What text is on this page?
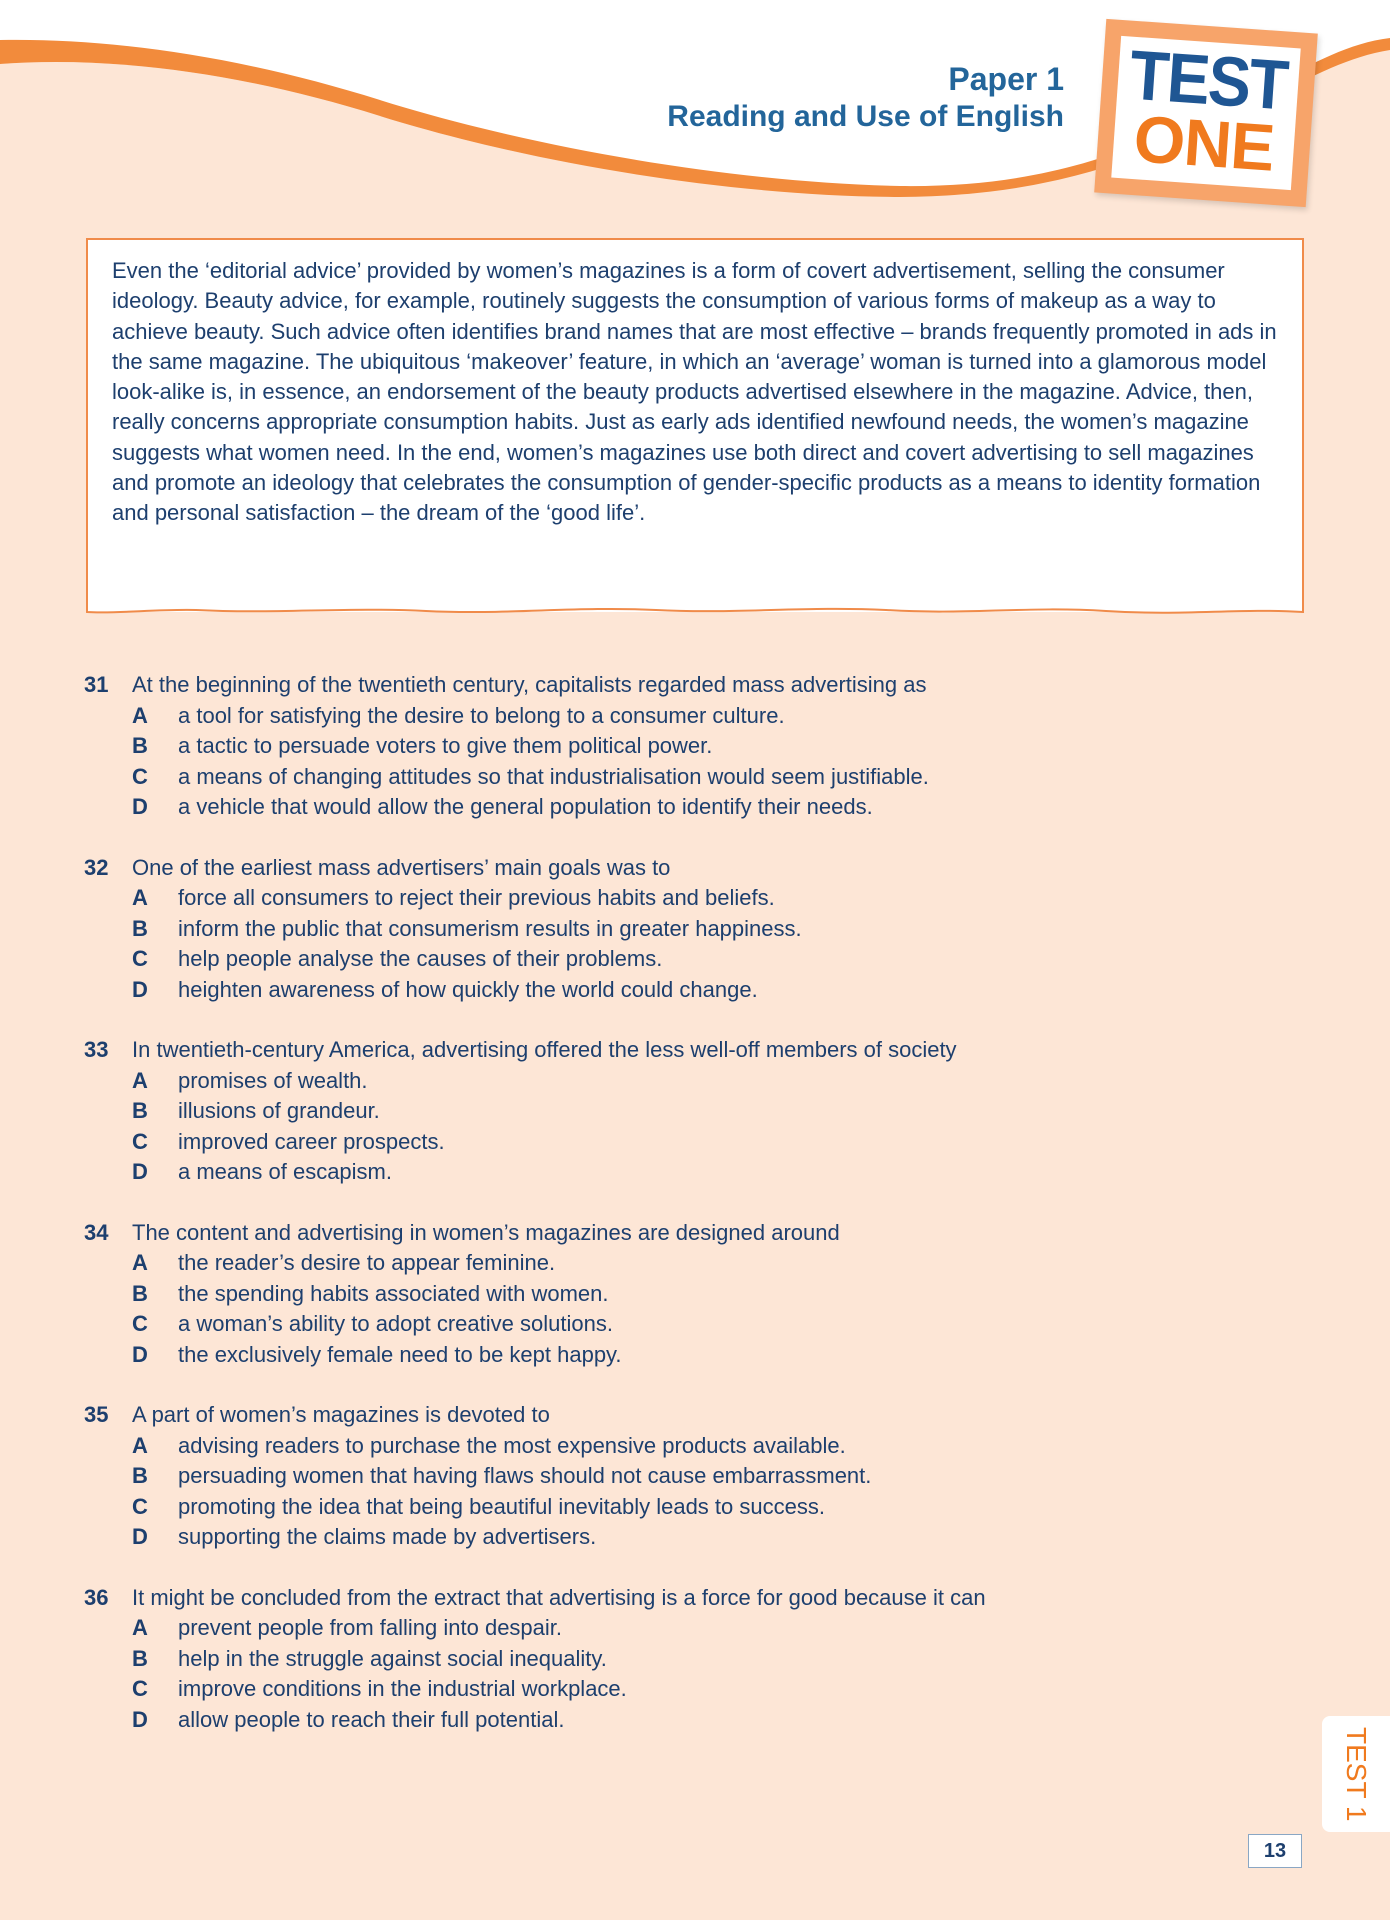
Paper 1
Reading and Use of English TEST
ONE

Even the ‘editorial advice’ provided by women’s magazines is a form of covert advertisement, selling the consumer ideology. Beauty advice, for example, routinely suggests the consumption of various forms of makeup as a way to achieve beauty. Such advice often identifies brand names that are most effective – brands frequently promoted in ads in the same magazine. The ubiquitous ‘makeover’ feature, in which an ‘average’ woman is turned into a glamorous model look-alike is, in essence, an endorsement of the beauty products advertised elsewhere in the magazine. Advice, then, really concerns appropriate consumption habits. Just as early ads identified newfound needs, the women’s magazine suggests what women need. In the end, women’s magazines use both direct and covert advertising to sell magazines and promote an ideology that celebrates the consumption of gender-specific products as a means to identity formation and personal satisfaction – the dream of the ‘good life’.

31 At the beginning of the twentieth century, capitalists regarded mass advertising as
A a tool for satisfying the desire to belong to a consumer culture.
B a tactic to persuade voters to give them political power.
C a means of changing attitudes so that industrialisation would seem justifiable.
D a vehicle that would allow the general population to identify their needs.
32 One of the earliest mass advertisers’ main goals was to
A force all consumers to reject their previous habits and beliefs.
B inform the public that consumerism results in greater happiness.
C help people analyse the causes of their problems.
D heighten awareness of how quickly the world could change.
33 In twentieth-century America, advertising offered the less well-off members of society
A promises of wealth.
B illusions of grandeur.
C improved career prospects.
D a means of escapism.
34 The content and advertising in women’s magazines are designed around
A the reader’s desire to appear feminine.
B the spending habits associated with women.
C a woman’s ability to adopt creative solutions.
D the exclusively female need to be kept happy.
35 A part of women’s magazines is devoted to
A advising readers to purchase the most expensive products available.
B persuading women that having flaws should not cause embarrassment.
C promoting the idea that being beautiful inevitably leads to success.
D supporting the claims made by advertisers.
36 It might be concluded from the extract that advertising is a force for good because it can
A prevent people from falling into despair.
B help in the struggle against social inequality.
C improve conditions in the industrial workplace.
D allow people to reach their full potential.
TEST 1
13
